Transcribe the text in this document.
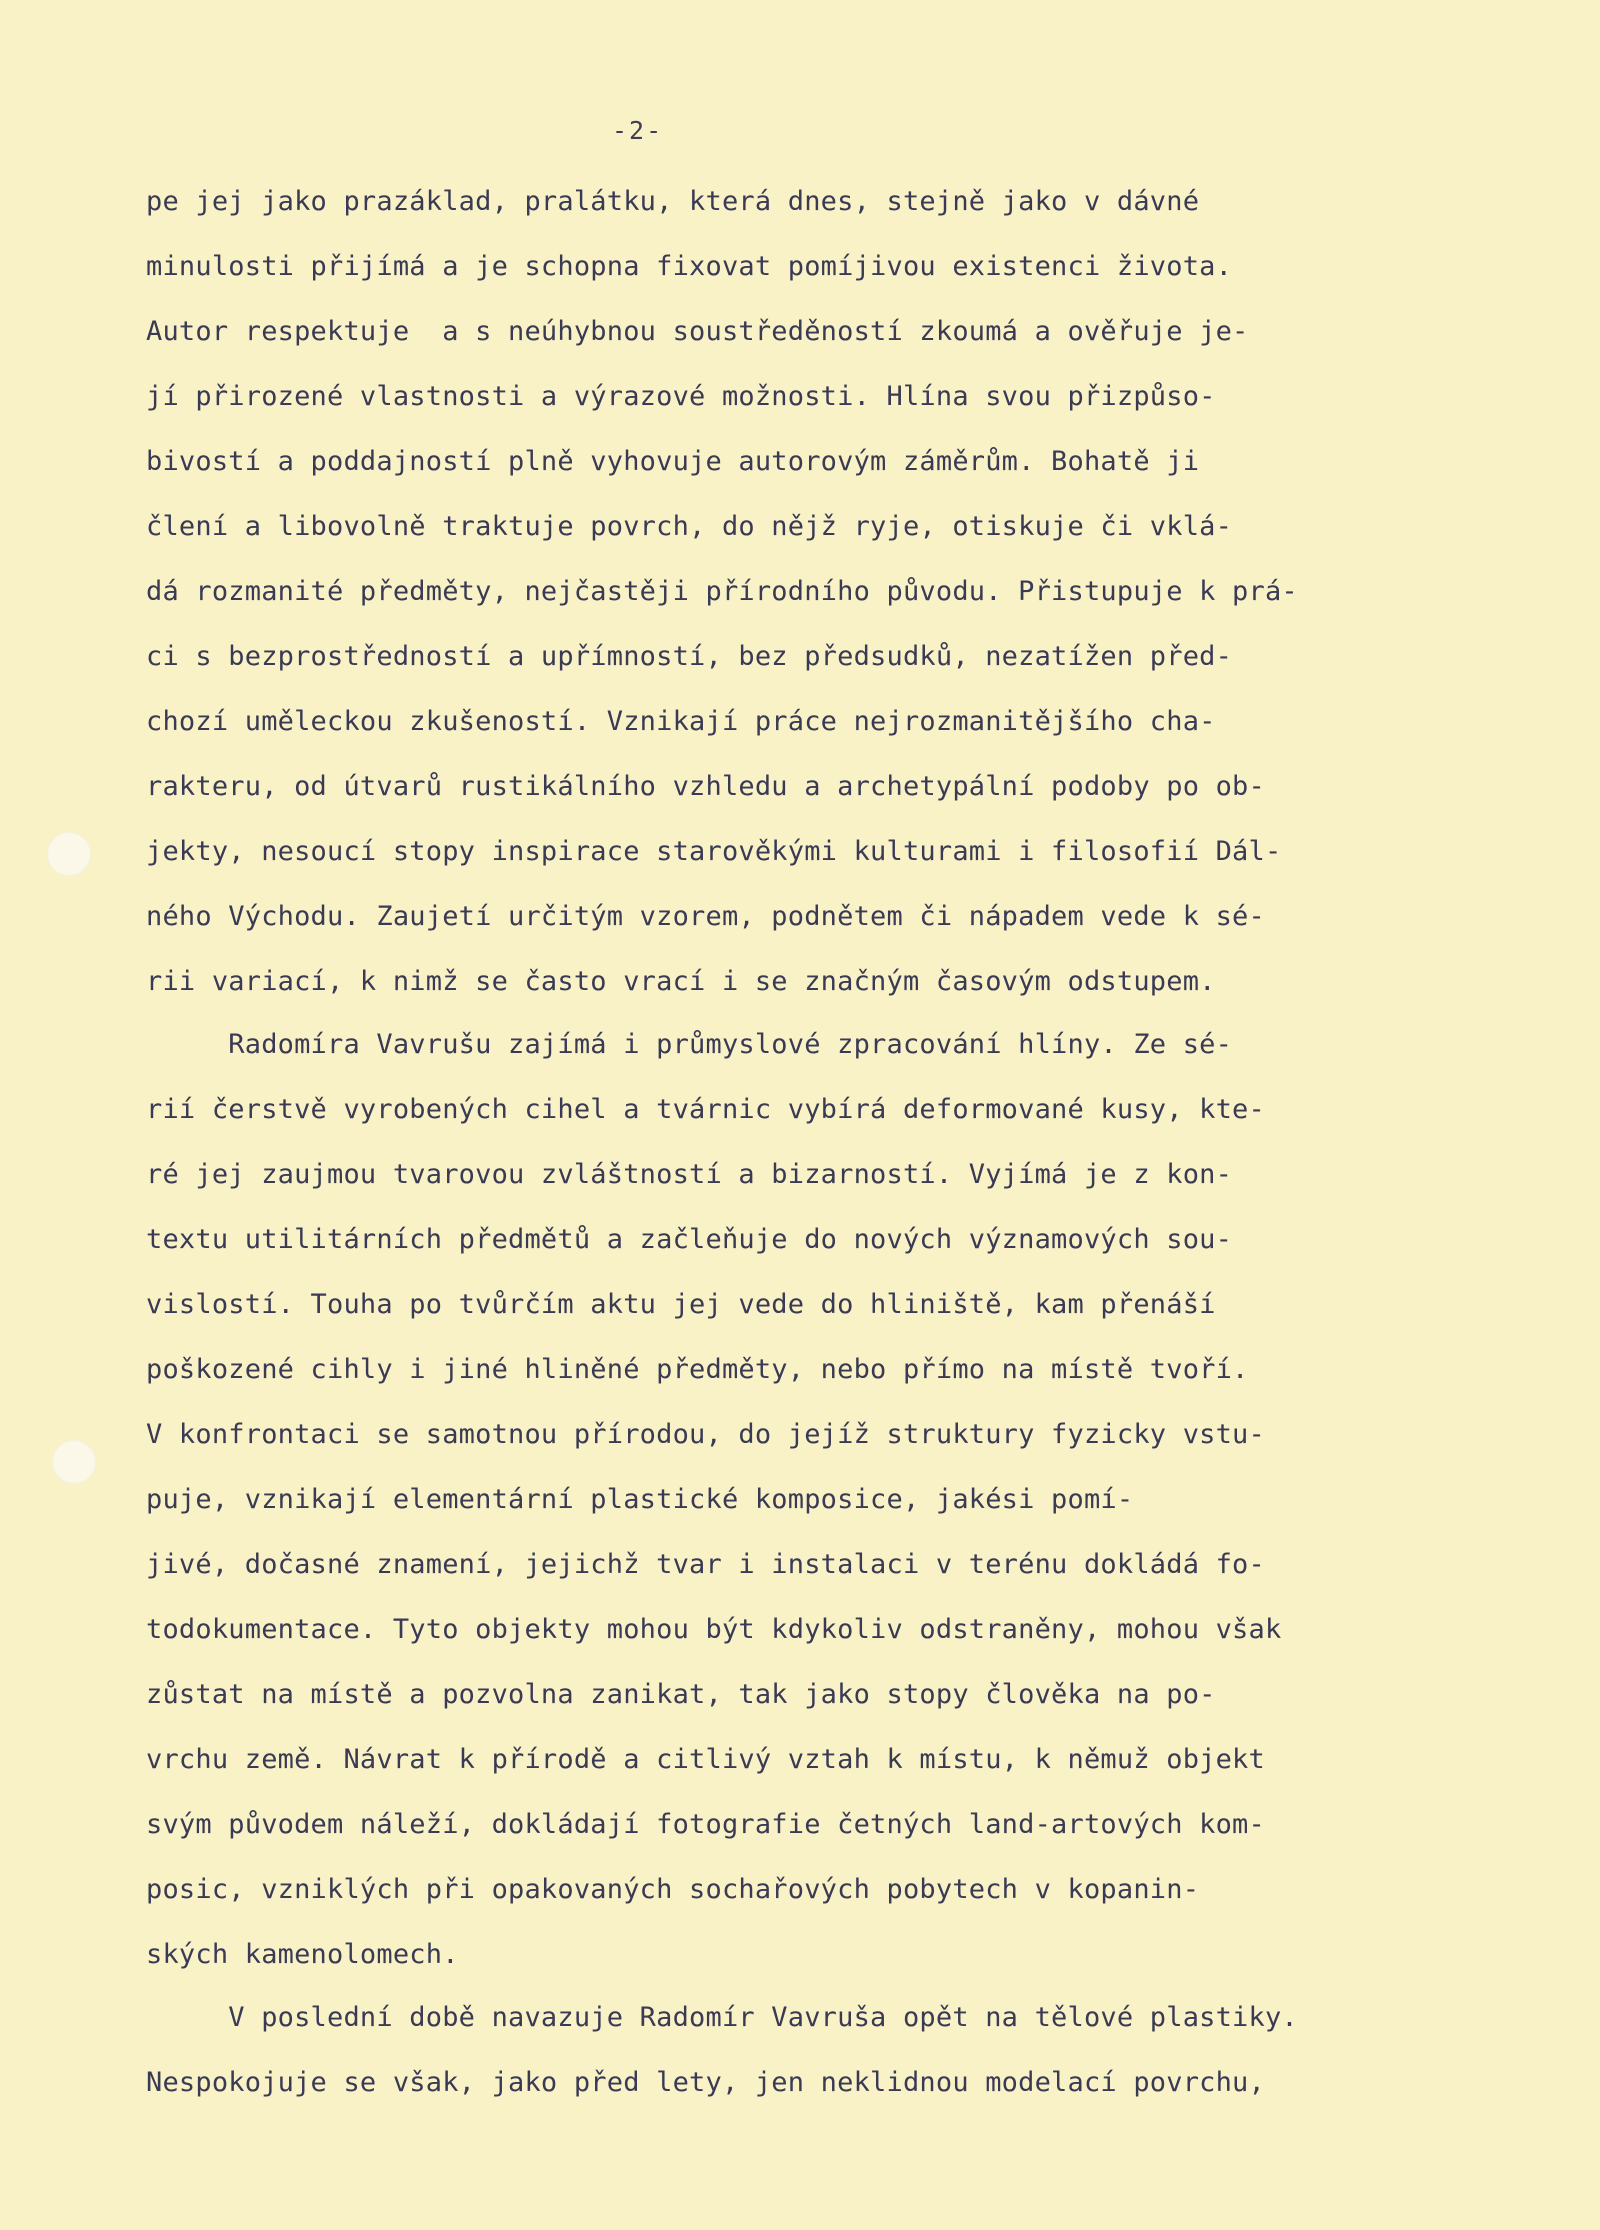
-2-
pe jej jako prazáklad, pralátku, která dnes, stejně jako v dávné
minulosti přijímá a je schopna fixovat pomíjivou existenci života.
Autor respektuje  a s neúhybnou soustředěností zkoumá a ověřuje je-
jí přirozené vlastnosti a výrazové možnosti. Hlína svou přizpůso-
bivostí a poddajností plně vyhovuje autorovým záměrům. Bohatě ji
člení a libovolně traktuje povrch, do nějž ryje, otiskuje či vklá-
dá rozmanité předměty, nejčastěji přírodního původu. Přistupuje k prá-
ci s bezprostředností a upřímností, bez předsudků, nezatížen před-
chozí uměleckou zkušeností. Vznikají práce nejrozmanitějšího cha-
rakteru, od útvarů rustikálního vzhledu a archetypální podoby po ob-
jekty, nesoucí stopy inspirace starověkými kulturami i filosofií Dál-
ného Východu. Zaujetí určitým vzorem, podnětem či nápadem vede k sé-
rii variací, k nimž se často vrací i se značným časovým odstupem.
Radomíra Vavrušu zajímá i průmyslové zpracování hlíny. Ze sé-
rií čerstvě vyrobených cihel a tvárnic vybírá deformované kusy, kte-
ré jej zaujmou tvarovou zvláštností a bizarností. Vyjímá je z kon-
textu utilitárních předmětů a začleňuje do nových významových sou-
vislostí. Touha po tvůrčím aktu jej vede do hliniště, kam přenáší
poškozené cihly i jiné hliněné předměty, nebo přímo na místě tvoří.
V konfrontaci se samotnou přírodou, do jejíž struktury fyzicky vstu-
puje, vznikají elementární plastické komposice, jakési pomí-
jivé, dočasné znamení, jejichž tvar i instalaci v terénu dokládá fo-
todokumentace. Tyto objekty mohou být kdykoliv odstraněny, mohou však
zůstat na místě a pozvolna zanikat, tak jako stopy člověka na po-
vrchu země. Návrat k přírodě a citlivý vztah k místu, k němuž objekt
svým původem náleží, dokládají fotografie četných land-artových kom-
posic, vzniklých při opakovaných sochařových pobytech v kopanin-
ských kamenolomech.
V poslední době navazuje Radomír Vavruša opět na tělové plastiky.
Nespokojuje se však, jako před lety, jen neklidnou modelací povrchu,
